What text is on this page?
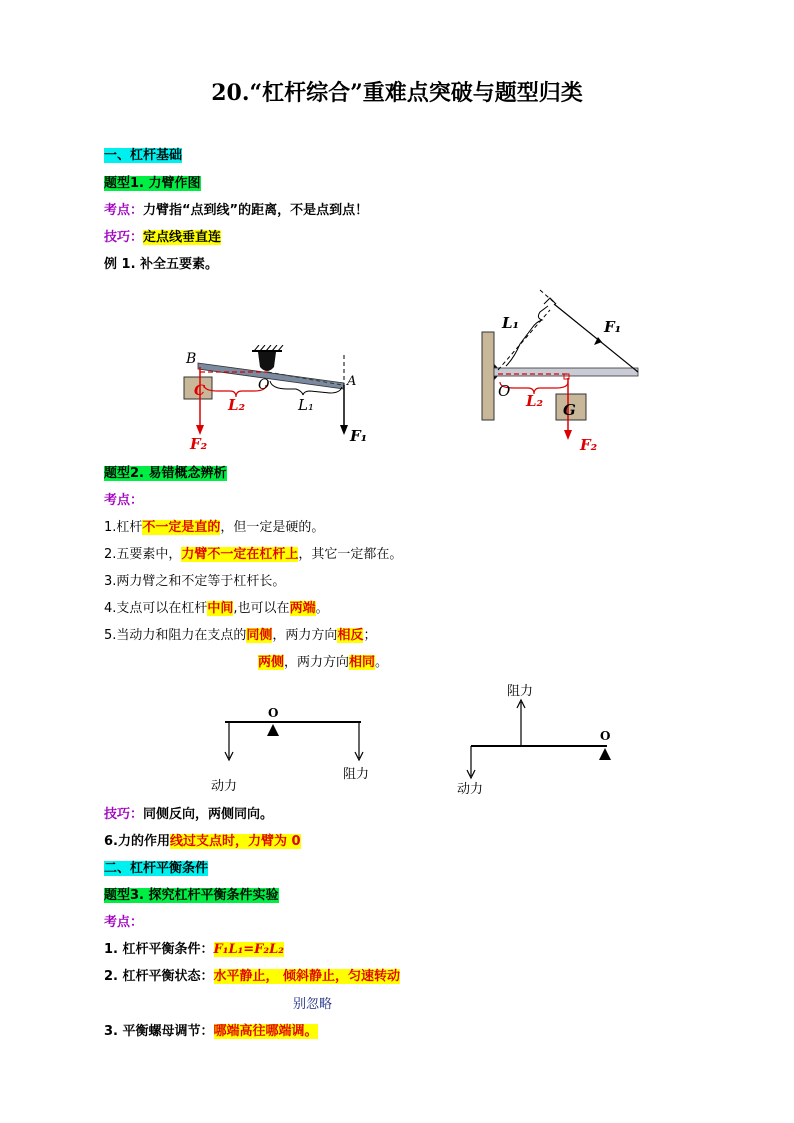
20.“杠杆综合”重难点突破与题型归类
一、杠杆基础
题型1. 力臂作图
考点：力臂指“点到线”的距离，不是点到点！
技巧：定点线垂直连
例 1. 补全五要素。
B
C	O	A
L₂	L₁
F₂	F₁
L₁	F₁
O
L₂ G
F₂
题型2. 易错概念辨析
考点：
1.杠杆不一定是直的，但一定是硬的。
2.五要素中，力臂不一定在杠杆上，其它一定都在。
3.两力臂之和不定等于杠杆长。
4.支点可以在杠杆中间,也可以在两端。
5.当动力和阻力在支点的同侧，两力方向相反；
两侧，两力方向相同。
O
动力
阻力
O
阻力
动力
技巧：同侧反向，两侧同向。
6.力的作用线过支点时，力臂为 0
二、杠杆平衡条件
题型3. 探究杠杆平衡条件实验
考点：
1. 杠杆平衡条件：F₁L₁=F₂L₂
2. 杠杆平衡状态：水平静止， 倾斜静止，匀速转动
别忽略
3. 平衡螺母调节：哪端高往哪端调。
